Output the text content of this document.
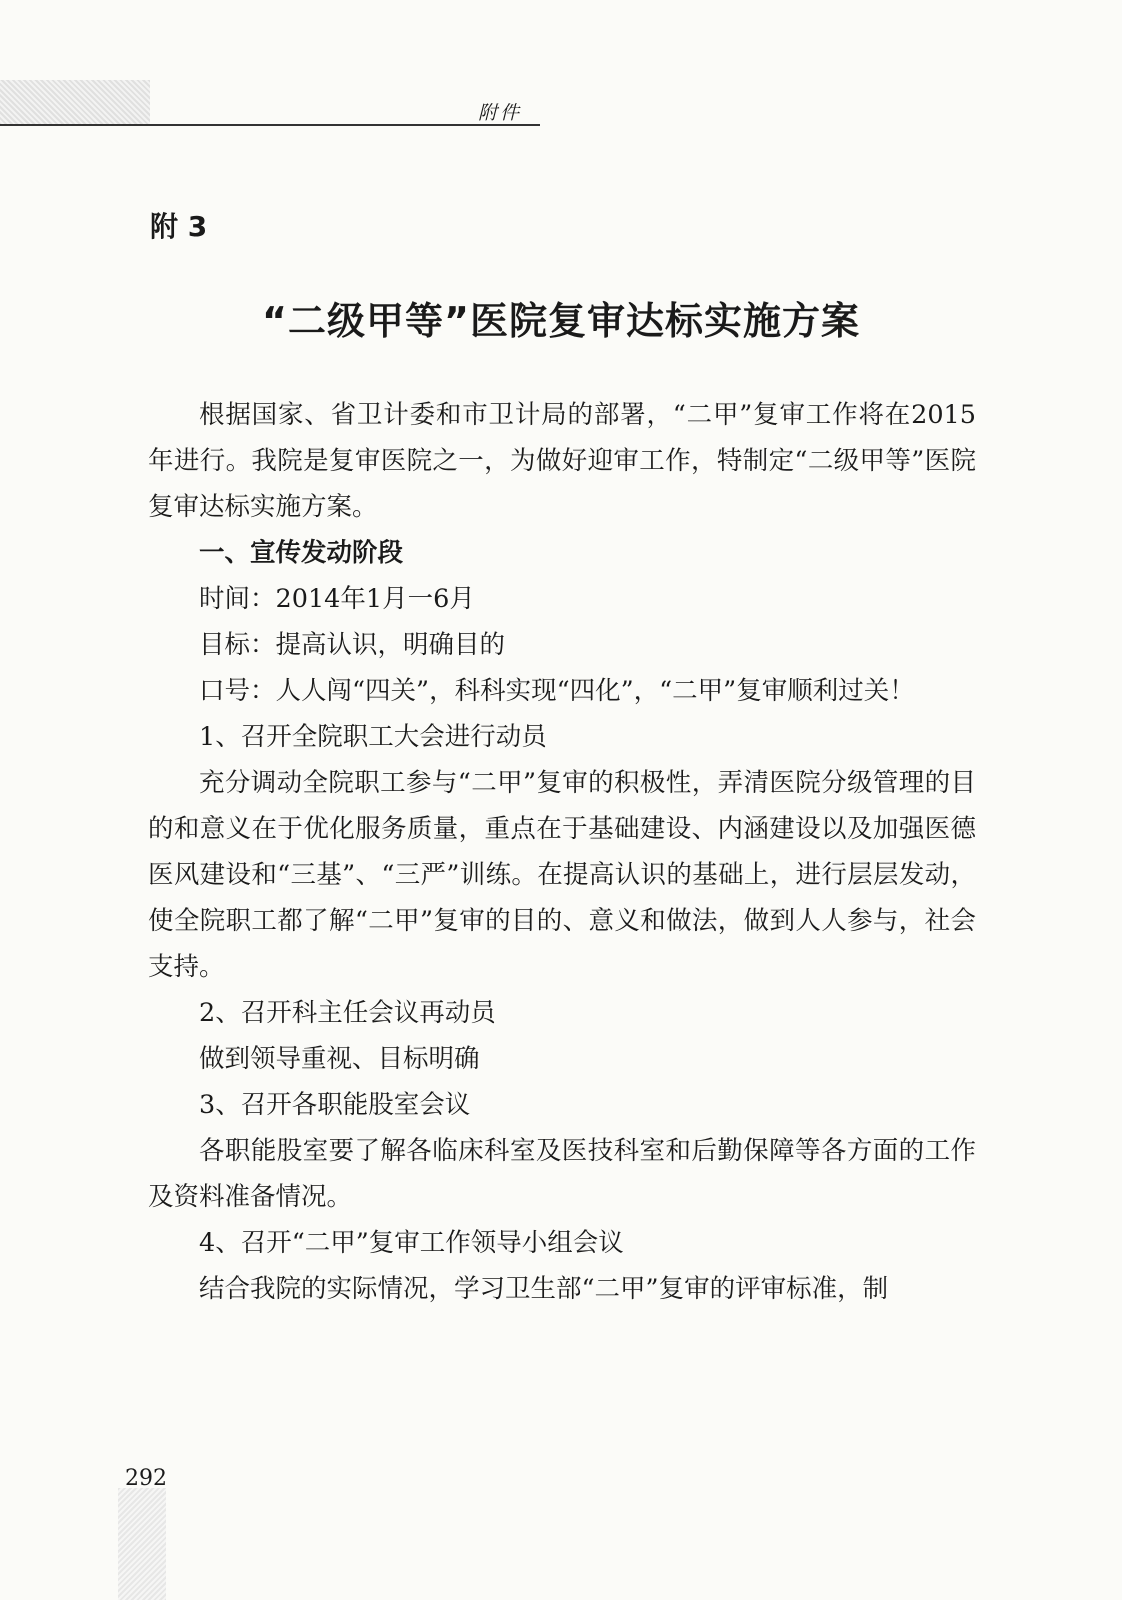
附件
附 3
“二级甲等”医院复审达标实施方案

根据国家、省卫计委和市卫计局的部署，“二甲”复审工作将在2015年进行。我院是复审医院之一，为做好迎审工作，特制定“二级甲等”医院复审达标实施方案。

一、宣传发动阶段

时间：2014年1月一6月

目标：提高认识，明确目的

口号：人人闯“四关”，科科实现“四化”，“二甲”复审顺利过关！

1、召开全院职工大会进行动员

充分调动全院职工参与“二甲”复审的积极性，弄清医院分级管理的目的和意义在于优化服务质量，重点在于基础建设、内涵建设以及加强医德医风建设和“三基”、“三严”训练。在提高认识的基础上，进行层层发动，使全院职工都了解“二甲”复审的目的、意义和做法，做到人人参与，社会支持。

2、召开科主任会议再动员

做到领导重视、目标明确

3、召开各职能股室会议

各职能股室要了解各临床科室及医技科室和后勤保障等各方面的工作及资料准备情况。

4、召开“二甲”复审工作领导小组会议

结合我院的实际情况，学习卫生部“二甲”复审的评审标准，制

292
